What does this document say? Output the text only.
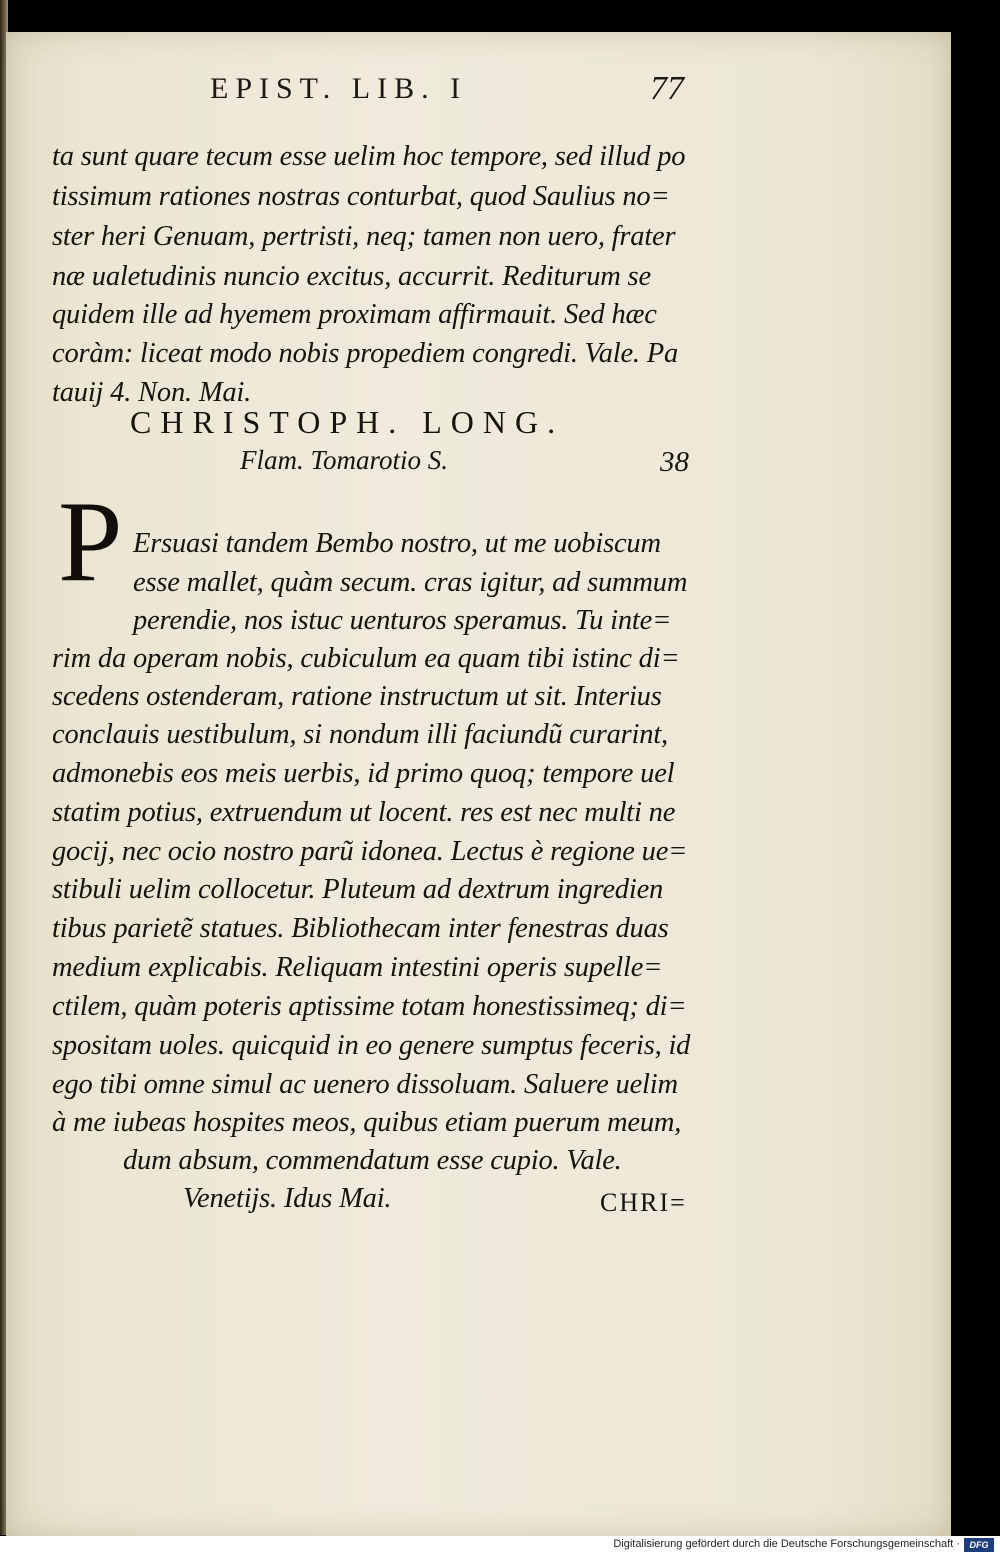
EPIST. LIB. I	77
ta sunt quare tecum esse uelim hoc tempore, sed illud po
tissimum rationes nostras conturbat, quod Saulius no=
ster heri Genuam, pertristi, neq; tamen non uero, frater
næ ualetudinis nuncio excitus, accurrit. Rediturum se
quidem ille ad hyemem proximam affirmauit. Sed hæc
coràm: liceat modo nobis propediem congredi. Vale. Pa
tauij 4. Non. Mai.
CHRISTOPH. LONG.
Flam. Tomarotio S.	38
P Ersuasi tandem Bembo nostro, ut me uobiscum
esse mallet, quàm secum. cras igitur, ad summum
perendie, nos istuc uenturos speramus. Tu inte=
rim da operam nobis, cubiculum ea quam tibi istinc di=
scedens ostenderam, ratione instructum ut sit. Interius
conclauis uestibulum, si nondum illi faciundũ curarint,
admonebis eos meis uerbis, id primo quoq; tempore uel
statim potius, extruendum ut locent. res est nec multi ne
gocij, nec ocio nostro parũ idonea. Lectus è regione ue=
stibuli uelim collocetur. Pluteum ad dextrum ingredien
tibus parietẽ statues. Bibliothecam inter fenestras duas
medium explicabis. Reliquam intestini operis supelle=
ctilem, quàm poteris aptissime totam honestissimeq; di=
spositam uoles. quicquid in eo genere sumptus feceris, id
ego tibi omne simul ac uenero dissoluam. Saluere uelim
à me iubeas hospites meos, quibus etiam puerum meum,
dum absum, commendatum esse cupio. Vale.
Venetijs. Idus Mai.	CHRI=
Digitalisierung gefördert durch die Deutsche Forschungsgemeinschaft ·	DFG
